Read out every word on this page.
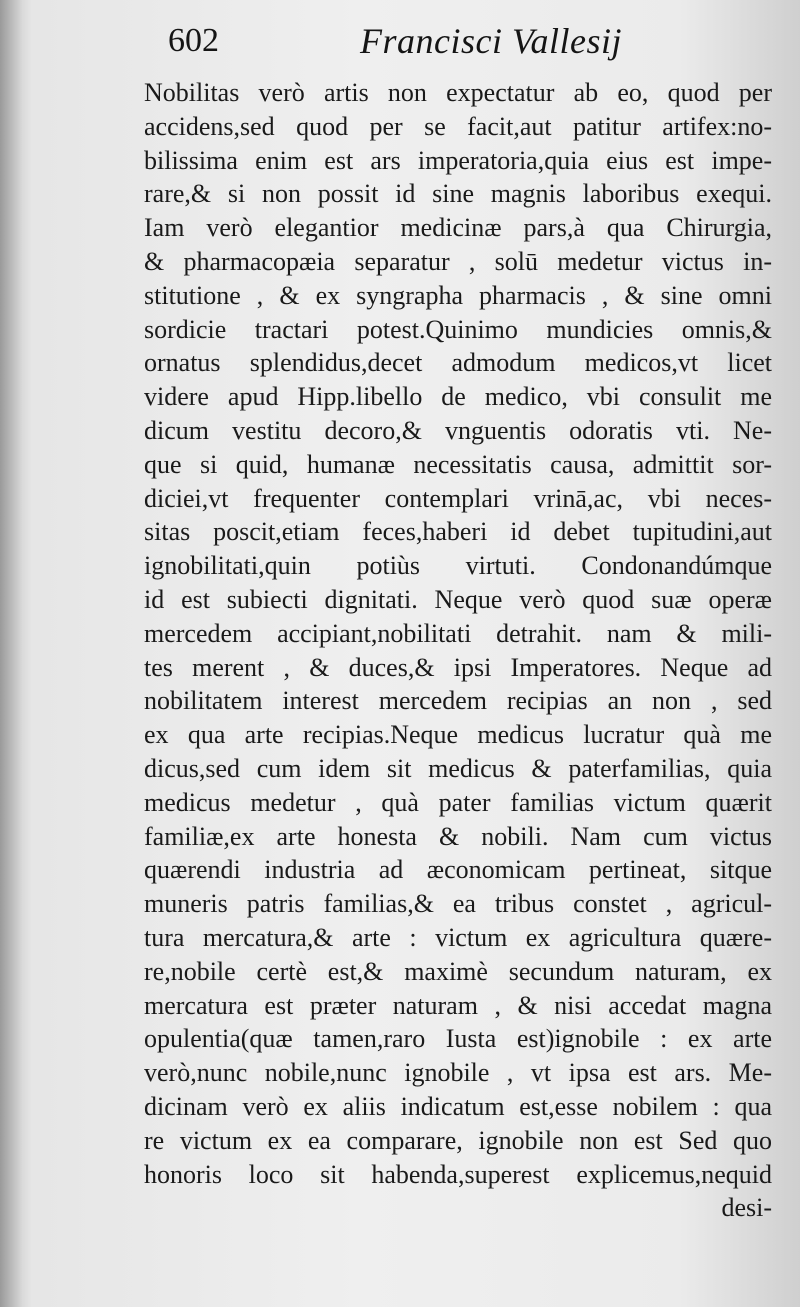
602	Francisci Vallesij
Nobilitas verò artis non expectatur ab eo, quod per
accidens,sed quod per se facit,aut patitur artifex:no-
bilissima enim est ars imperatoria,quia eius est impe-
rare,& si non possit id sine magnis laboribus exequi.
Iam verò elegantior medicinæ pars,à qua Chirurgia,
& pharmacopæia separatur , solū medetur victus in-
stitutione , & ex syngrapha pharmacis , & sine omni
sordicie tractari potest.Quinimo mundicies omnis,&
ornatus splendidus,decet admodum medicos,vt licet
videre apud Hipp.libello de medico, vbi consulit me
dicum vestitu decoro,& vnguentis odoratis vti. Ne-
que si quid, humanæ necessitatis causa, admittit sor-
diciei,vt frequenter contemplari vrinā,ac, vbi neces-
sitas poscit,etiam feces,haberi id debet tupitudini,aut
ignobilitati,quin potiùs virtuti. Condonandúmque
id est subiecti dignitati. Neque verò quod suæ operæ
mercedem accipiant,nobilitati detrahit. nam & mili-
tes merent , & duces,& ipsi Imperatores. Neque ad
nobilitatem interest mercedem recipias an non , sed
ex qua arte recipias.Neque medicus lucratur quà me
dicus,sed cum idem sit medicus & paterfamilias, quia
medicus medetur , quà pater familias victum quærit
familiæ,ex arte honesta & nobili. Nam cum victus
quærendi industria ad æconomicam pertineat, sitque
muneris patris familias,& ea tribus constet , agricul-
tura mercatura,& arte : victum ex agricultura quære-
re,nobile certè est,& maximè secundum naturam, ex
mercatura est præter naturam , & nisi accedat magna
opulentia(quæ tamen,raro Iusta est)ignobile : ex arte
verò,nunc nobile,nunc ignobile , vt ipsa est ars. Me-
dicinam verò ex aliis indicatum est,esse nobilem : qua
re victum ex ea comparare, ignobile non est Sed quo
honoris loco sit habenda,superest explicemus,nequid
desi-
